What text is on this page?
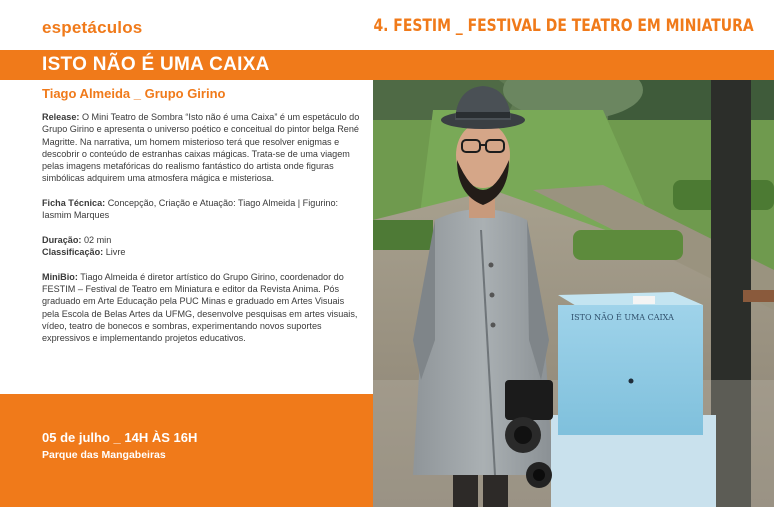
espetáculos	4. FESTIM _ FESTIVAL DE TEATRO EM MINIATURA
ISTO NÃO É UMA CAIXA
Tiago Almeida _ Grupo Girino

Release: O Mini Teatro de Sombra “Isto não é uma Caixa” é um espetáculo do Grupo Girino e apresenta o universo poético e conceitual do pintor belga René Magritte. Na narrativa, um homem misterioso terá que resolver enigmas e descobrir o conteúdo de estranhas caixas mágicas. Trata-se de uma viagem pelas imagens metafóricas do realismo fantástico do artista onde figuras simbólicas adquirem uma atmosfera mágica e misteriosa.

Ficha Técnica: Concepção, Criação e Atuação: Tiago Almeida | Figurino: Iasmim Marques

Duração: 02 min

Classificação: Livre

MiniBio: Tiago Almeida é diretor artístico do Grupo Girino, coordenador do FESTIM – Festival de Teatro em Miniatura e editor da Revista Anima. Pós graduado em Arte Educação pela PUC Minas e graduado em Artes Visuais pela Escola de Belas Artes da UFMG, desenvolve pesquisas em artes visuais, vídeo, teatro de bonecos e sombras, experimentando novos suportes expressivos e implementando projetos educativos.

05 de julho _ 14H ÀS 16H
Parque das Mangabeiras
ISTO NÃO É UMA CAIXA
